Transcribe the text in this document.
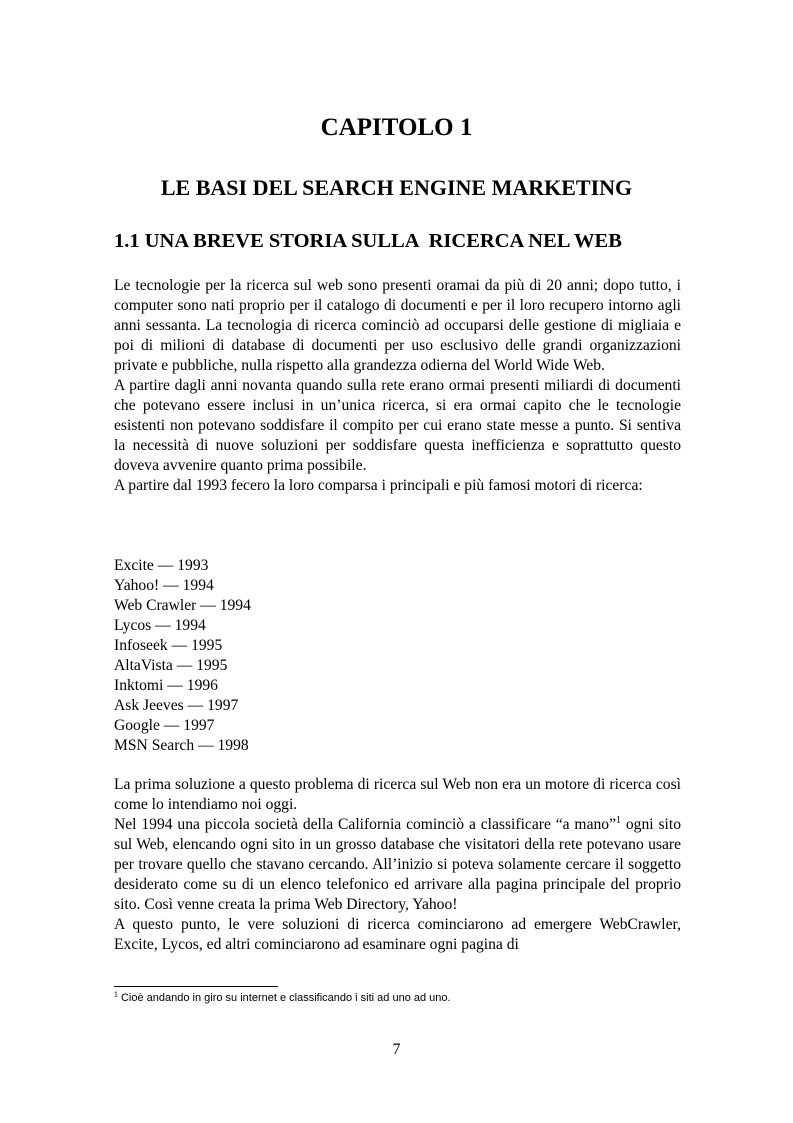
CAPITOLO 1
LE BASI DEL SEARCH ENGINE MARKETING
1.1 UNA BREVE STORIA SULLA  RICERCA NEL WEB

Le tecnologie per la ricerca sul web sono presenti oramai da più di 20 anni; dopo tutto, i computer sono nati proprio per il catalogo di documenti e per il loro recupero intorno agli anni sessanta. La tecnologia di ricerca cominciò ad occuparsi delle gestione di migliaia e poi di milioni di database di documenti per uso esclusivo delle grandi organizzazioni private e pubbliche, nulla rispetto alla grandezza odierna del World Wide Web.

A partire dagli anni novanta quando sulla rete erano ormai presenti miliardi di documenti che potevano essere inclusi in un’unica ricerca, si era ormai capito che le tecnologie esistenti non potevano soddisfare il compito per cui erano state messe a punto. Si sentiva la necessità di nuove soluzioni per soddisfare questa inefficienza e soprattutto questo doveva avvenire quanto prima possibile.

A partire dal 1993 fecero la loro comparsa i principali e più famosi motori di ricerca:

Excite — 1993
Yahoo! — 1994
Web Crawler — 1994
Lycos — 1994
Infoseek — 1995
AltaVista — 1995
Inktomi — 1996
Ask Jeeves — 1997
Google — 1997
MSN Search — 1998

La prima soluzione a questo problema di ricerca sul Web non era un motore di ricerca così come lo intendiamo noi oggi.

Nel 1994 una piccola società della California cominciò a classificare “a mano”$^1$ ogni sito sul Web, elencando ogni sito in un grosso database che visitatori della rete potevano usare per trovare quello che stavano cercando. All’inizio si poteva solamente cercare il soggetto desiderato come su di un elenco telefonico ed arrivare alla pagina principale del proprio sito. Così venne creata la prima Web Directory, Yahoo!

A questo punto, le vere soluzioni di ricerca cominciarono ad emergere WebCrawler, Excite, Lycos, ed altri cominciarono ad esaminare ogni pagina di

$^1$ Cioè andando in giro su internet e classificando i siti ad uno ad uno.
7
